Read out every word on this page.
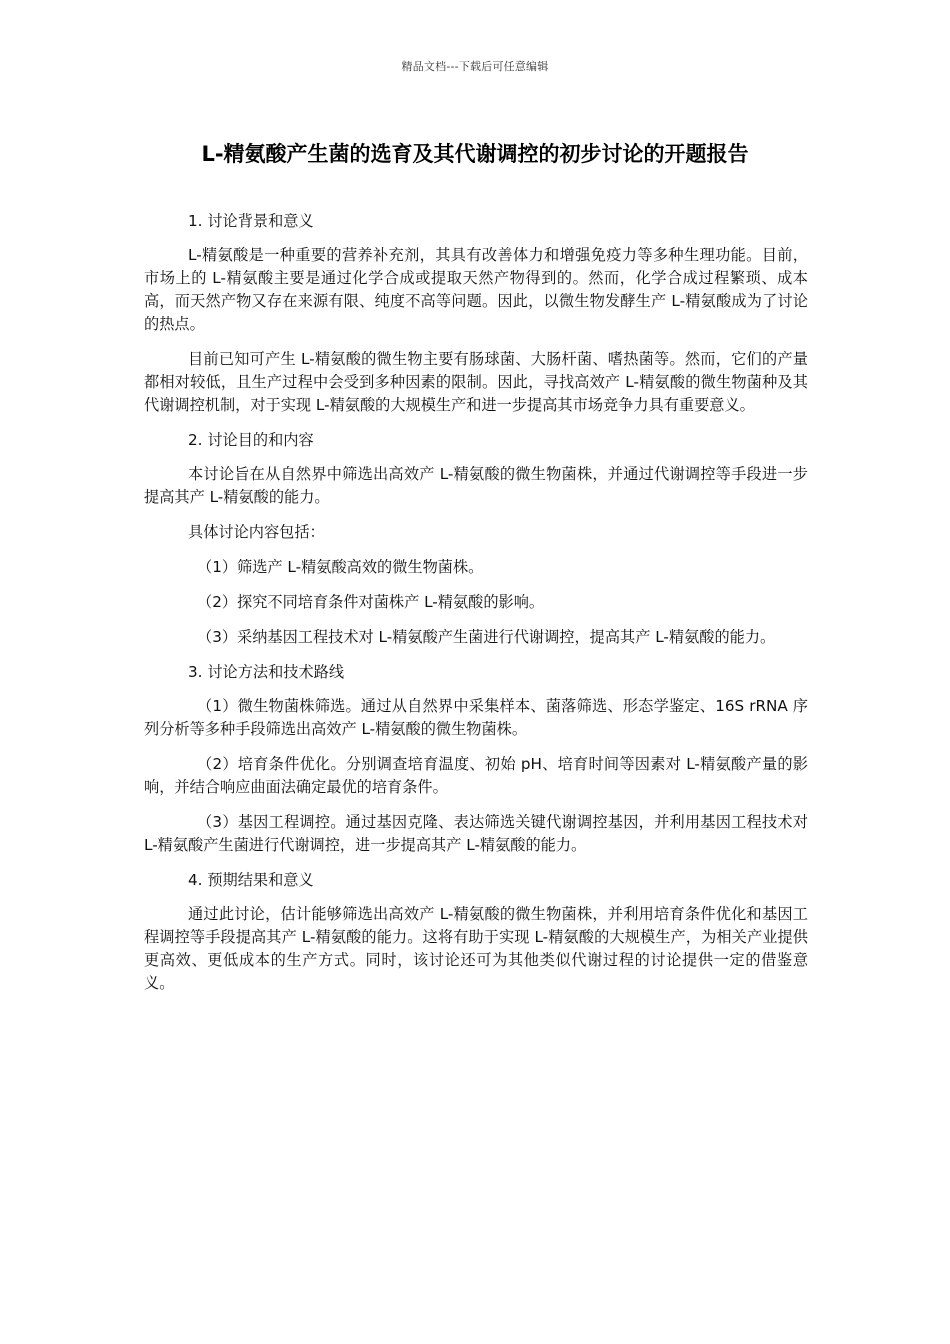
精品文档---下载后可任意编辑
L-精氨酸产生菌的选育及其代谢调控的初步讨论的开题报告

1. 讨论背景和意义

L-精氨酸是一种重要的营养补充剂，其具有改善体力和增强免疫力等多种生理功能。目前，市场上的 L-精氨酸主要是通过化学合成或提取天然产物得到的。然而，化学合成过程繁琐、成本高，而天然产物又存在来源有限、纯度不高等问题。因此，以微生物发酵生产 L-精氨酸成为了讨论的热点。

目前已知可产生 L-精氨酸的微生物主要有肠球菌、大肠杆菌、嗜热菌等。然而，它们的产量都相对较低，且生产过程中会受到多种因素的限制。因此，寻找高效产 L-精氨酸的微生物菌种及其代谢调控机制，对于实现 L-精氨酸的大规模生产和进一步提高其市场竞争力具有重要意义。

2. 讨论目的和内容

本讨论旨在从自然界中筛选出高效产 L-精氨酸的微生物菌株，并通过代谢调控等手段进一步提高其产 L-精氨酸的能力。

具体讨论内容包括：

（1）筛选产 L-精氨酸高效的微生物菌株。

（2）探究不同培育条件对菌株产 L-精氨酸的影响。

（3）采纳基因工程技术对 L-精氨酸产生菌进行代谢调控，提高其产 L-精氨酸的能力。

3. 讨论方法和技术路线

（1）微生物菌株筛选。通过从自然界中采集样本、菌落筛选、形态学鉴定、16S rRNA 序列分析等多种手段筛选出高效产 L-精氨酸的微生物菌株。

（2）培育条件优化。分别调查培育温度、初始 pH、培育时间等因素对 L-精氨酸产量的影响，并结合响应曲面法确定最优的培育条件。

（3）基因工程调控。通过基因克隆、表达筛选关键代谢调控基因，并利用基因工程技术对 L-精氨酸产生菌进行代谢调控，进一步提高其产 L-精氨酸的能力。

4. 预期结果和意义

通过此讨论，估计能够筛选出高效产 L-精氨酸的微生物菌株，并利用培育条件优化和基因工程调控等手段提高其产 L-精氨酸的能力。这将有助于实现 L-精氨酸的大规模生产，为相关产业提供更高效、更低成本的生产方式。同时，该讨论还可为其他类似代谢过程的讨论提供一定的借鉴意义。
